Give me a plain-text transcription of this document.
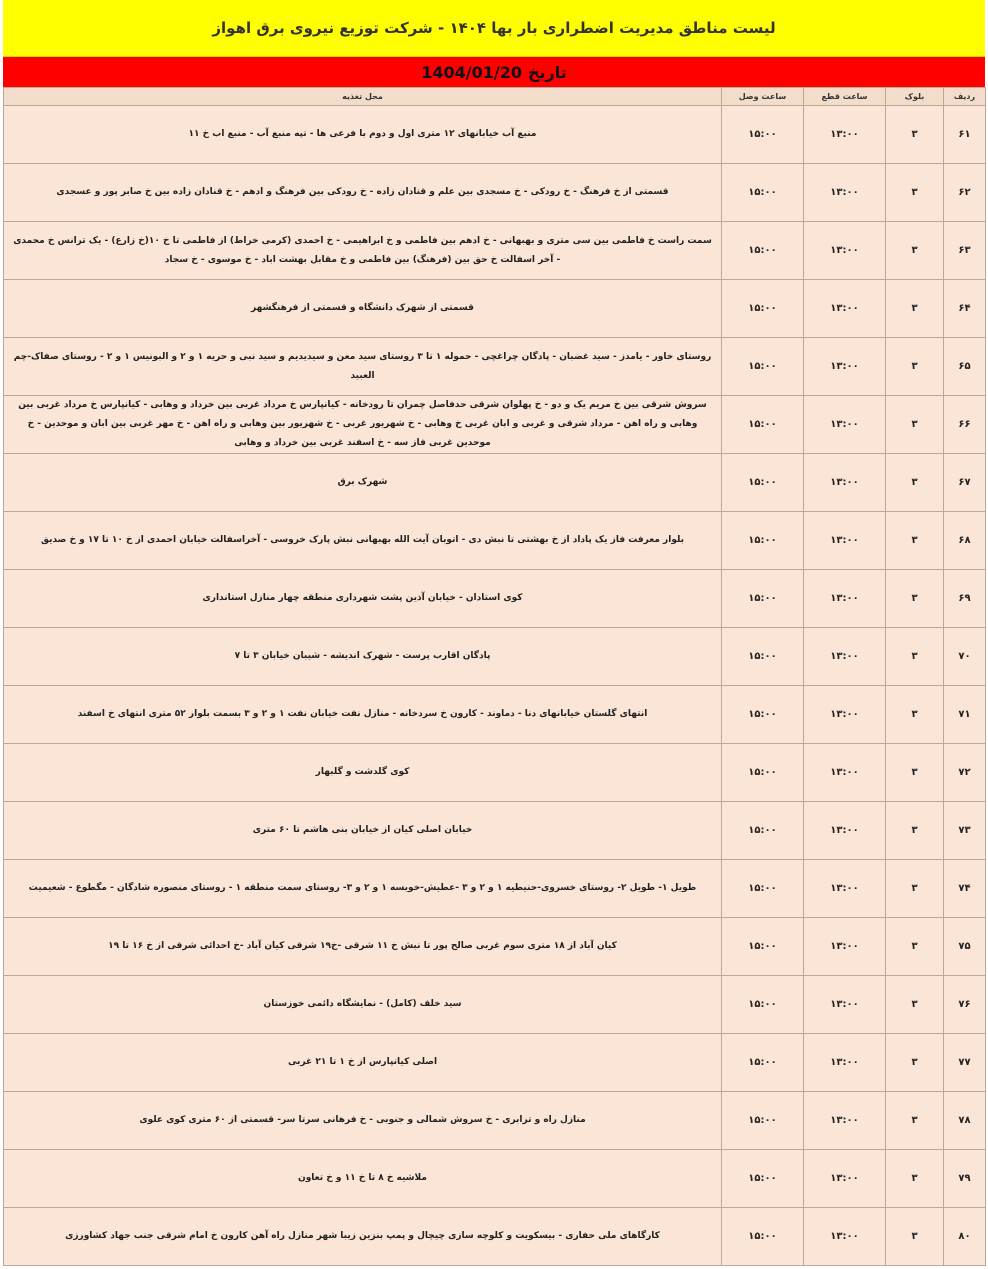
لیست مناطق مدیریت اضطراری بار بها ۱۴۰۴ - شرکت توزیع نیروی برق اهواز
تاریخ
1404/01/20
ردیف	بلوک	ساعت قطع	ساعت وصل	محل تغذیه
۶۱	۳	۱۳:۰۰	۱۵:۰۰	منبع آب خیابانهای ۱۲ متری اول و دوم با فرعی ها - تپه منبع آب - منبع اب خ ۱۱
۶۲	۳	۱۳:۰۰	۱۵:۰۰	قسمتی از خ فرهنگ - خ رودکی - خ مسجدی بین علم و قنادان زاده - خ رودکی بین فرهنگ و ادهم - خ قنادان زاده بین خ صابر پور و عسجدی
۶۳	۳	۱۳:۰۰	۱۵:۰۰	سمت راست خ فاطمی بین سی متری و بهبهانی - خ ادهم بین فاطمی و خ ابراهیمی - خ احمدی (کرمی خراط) از فاطمی تا خ ۱۰(خ زارع) - یک ترانس خ محمدی - آخر اسفالت خ حق بین (فرهنگ) بین فاطمی و خ مقابل بهشت اباد - خ موسوی - خ سجاد
۶۴	۳	۱۳:۰۰	۱۵:۰۰	قسمتی از شهرک دانشگاه و قسمتی از فرهنگشهر
۶۵	۳	۱۳:۰۰	۱۵:۰۰	روستای خاور - یامدز - سید غضبان - پادگان چراغچی - حموله ۱ تا ۳ روستای سید معن و سیدیدیم و سید نبی و حریه ۱ و ۲ و البونیس ۱ و ۲ - روستای صفاک-چم العبید
۶۶	۳	۱۳:۰۰	۱۵:۰۰	سروش شرقی بین خ مریم یک و دو - خ پهلوان شرقی حدفاصل چمران تا رودخانه - کیانپارس خ مرداد غربی بین خرداد و وهابی - کیانپارس خ مرداد غربی بین وهابی و راه اهن - مرداد شرقی و غربی و ابان غربی خ وهابی - خ شهریور غربی - خ شهریور بین وهابی و راه اهن - خ مهر غربی بین ابان و موحدین - خ موحدین غربی فاز سه - خ اسفند غربی بین خرداد و وهابی
۶۷	۳	۱۳:۰۰	۱۵:۰۰	شهرک برق
۶۸	۳	۱۳:۰۰	۱۵:۰۰	بلوار معرفت فاز یک پاداد از خ بهشتی تا نبش دی - اتوبان آیت الله بهبهانی نبش پارک خروسی - آخراسفالت خیابان احمدی از خ ۱۰ تا ۱۷ و خ صدیق
۶۹	۳	۱۳:۰۰	۱۵:۰۰	کوی استادان - خیابان آذین پشت شهرداری منطقه چهار منازل استانداری
۷۰	۳	۱۳:۰۰	۱۵:۰۰	پادگان اقارب پرست - شهرک اندیشه - شیبان خیابان ۳ تا ۷
۷۱	۳	۱۳:۰۰	۱۵:۰۰	انتهای گلستان خیابانهای دنا - دماوند - کارون خ سردخانه - منازل نفت خیابان نفت ۱ و ۲ و ۳ بسمت بلوار ۵۲ متری انتهای خ اسفند
۷۲	۳	۱۳:۰۰	۱۵:۰۰	کوی گلدشت و گلبهار
۷۳	۳	۱۳:۰۰	۱۵:۰۰	خیابان اصلی کیان از خیابان بنی هاشم تا ۶۰ متری
۷۴	۳	۱۳:۰۰	۱۵:۰۰	طویل ۱- طویل ۲- روستای خسروی-حنیطیه ۱ و ۲ و ۳ -عطیش-خویسه ۱ و ۲ و ۳- روستای سمت منطقه ۱ - روستای منصوره شادگان - مگطوع - شعیمیت
۷۵	۳	۱۳:۰۰	۱۵:۰۰	کیان آباد از ۱۸ متری سوم غربی صالح پور تا نبش خ ۱۱ شرقی -خ۱۹ شرقی کیان آباد -خ احدائی شرقی از خ ۱۶ تا ۱۹
۷۶	۳	۱۳:۰۰	۱۵:۰۰	سید خلف (کامل) - نمایشگاه دائمی خوزستان
۷۷	۳	۱۳:۰۰	۱۵:۰۰	اصلی کیانپارس از خ ۱ تا ۲۱ غربی
۷۸	۳	۱۳:۰۰	۱۵:۰۰	منازل راه و ترابری - خ سروش شمالی و جنوبی - خ فرهانی سرتا سر- قسمتی از ۶۰ متری کوی علوی
۷۹	۳	۱۳:۰۰	۱۵:۰۰	ملاشیه خ ۸ تا خ ۱۱ و خ تعاون
۸۰	۳	۱۳:۰۰	۱۵:۰۰	کارگاهای ملی حفاری - بیسکویت و کلوچه سازی چیچال و پمپ بنزین زیبا شهر منازل راه آهن کارون خ امام شرقی جنب جهاد کشاورزی
